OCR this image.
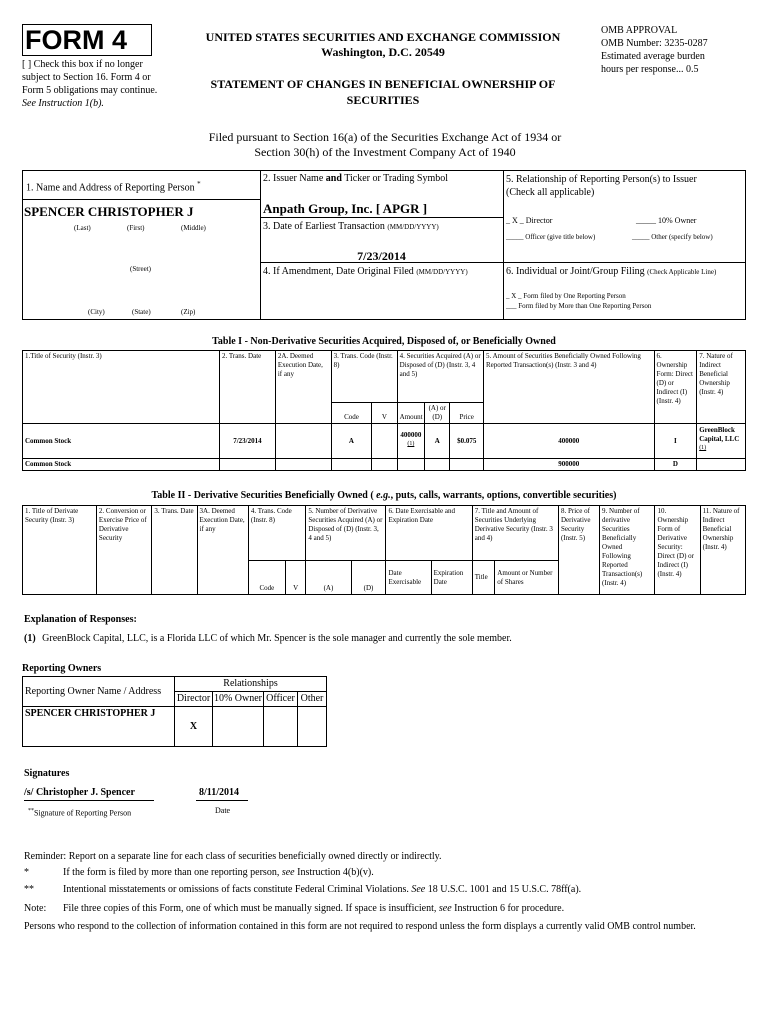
FORM 4
[ ] Check this box if no longer subject to Section 16. Form 4 or Form 5 obligations may continue. See Instruction 1(b).
UNITED STATES SECURITIES AND EXCHANGE COMMISSION
Washington, D.C. 20549
STATEMENT OF CHANGES IN BENEFICIAL OWNERSHIP OF SECURITIES
OMB APPROVAL
OMB Number: 3235-0287
Estimated average burden
hours per response... 0.5
Filed pursuant to Section 16(a) of the Securities Exchange Act of 1934 or
Section 30(h) of the Investment Company Act of 1940
1. Name and Address of Reporting Person *
SPENCER CHRISTOPHER J
(Last)	(First)	(Middle)
(Street)
(City)	(State)	(Zip)
2. Issuer Name and Ticker or Trading Symbol
Anpath Group, Inc. [ APGR ]
3. Date of Earliest Transaction (MM/DD/YYYY)
7/23/2014
4. If Amendment, Date Original Filed (MM/DD/YYYY)
5. Relationship of Reporting Person(s) to Issuer
(Check all applicable)
_ X _ Director	_____ 10% Owner
_____ Officer (give title below)	_____ Other (specify below)
6. Individual or Joint/Group Filing (Check Applicable Line)
_ X _ Form filed by One Reporting Person
___ Form filed by More than One Reporting Person
Table I - Non-Derivative Securities Acquired, Disposed of, or Beneficially Owned
1.Title of Security (Instr. 3)	2. Trans. Date	2A. Deemed Execution Date, if any	3. Trans. Code (Instr. 8)		4. Securities Acquired (A) or Disposed of (D) (Instr. 3, 4 and 5)			5. Amount of Securities Beneficially Owned Following Reported Transaction(s) (Instr. 3 and 4)	6. Ownership Form: Direct (D) or Indirect (I) (Instr. 4)	7. Nature of Indirect Beneficial Ownership (Instr. 4)
			Code	V	Amount	(A) or (D)	Price			
Common Stock	7/23/2014		A		400000 $^{(1)}$	A	$0.075	400000	I	GreenBlock Capital, LLC $^{(1)}$
Common Stock								900000	D	
Table II - Derivative Securities Beneficially Owned ( e.g., puts, calls, warrants, options, convertible securities)
1. Title of Derivate Security (Instr. 3)	2. Conversion or Exercise Price of Derivative Security	3. Trans. Date	3A. Deemed Execution Date, if any	4. Trans. Code (Instr. 8)		5. Number of Derivative Securities Acquired (A) or Disposed of (D) (Instr. 3, 4 and 5)		6. Date Exercisable and Expiration Date		7. Title and Amount of Securities Underlying Derivative Security (Instr. 3 and 4)		8. Price of Derivative Security (Instr. 5)	9. Number of derivative Securities Beneficially Owned Following Reported Transaction(s) (Instr. 4)	10. Ownership Form of Derivative Security: Direct (D) or Indirect (I) (Instr. 4)	11. Nature of Indirect Beneficial Ownership (Instr. 4)
				Code	V	(A)	(D)	Date Exercisable	Expiration Date	Title	Amount or Number of Shares				
Explanation of Responses:
(1) GreenBlock Capital, LLC, is a Florida LLC of which Mr. Spencer is the sole manager and currently the sole member.
Reporting Owners
Reporting Owner Name / Address	Relationships			
	Director	10% Owner	Officer	Other
SPENCER CHRISTOPHER J	X			
Signatures
/s/ Christopher J. Spencer	8/11/2014
**Signature of Reporting Person	Date
Reminder: Report on a separate line for each class of securities beneficially owned directly or indirectly.
*	If the form is filed by more than one reporting person, see Instruction 4(b)(v).
**	Intentional misstatements or omissions of facts constitute Federal Criminal Violations. See 18 U.S.C. 1001 and 15 U.S.C. 78ff(a).
Note: File three copies of this Form, one of which must be manually signed. If space is insufficient, see Instruction 6 for procedure.
Persons who respond to the collection of information contained in this form are not required to respond unless the form displays a currently valid OMB control number.
